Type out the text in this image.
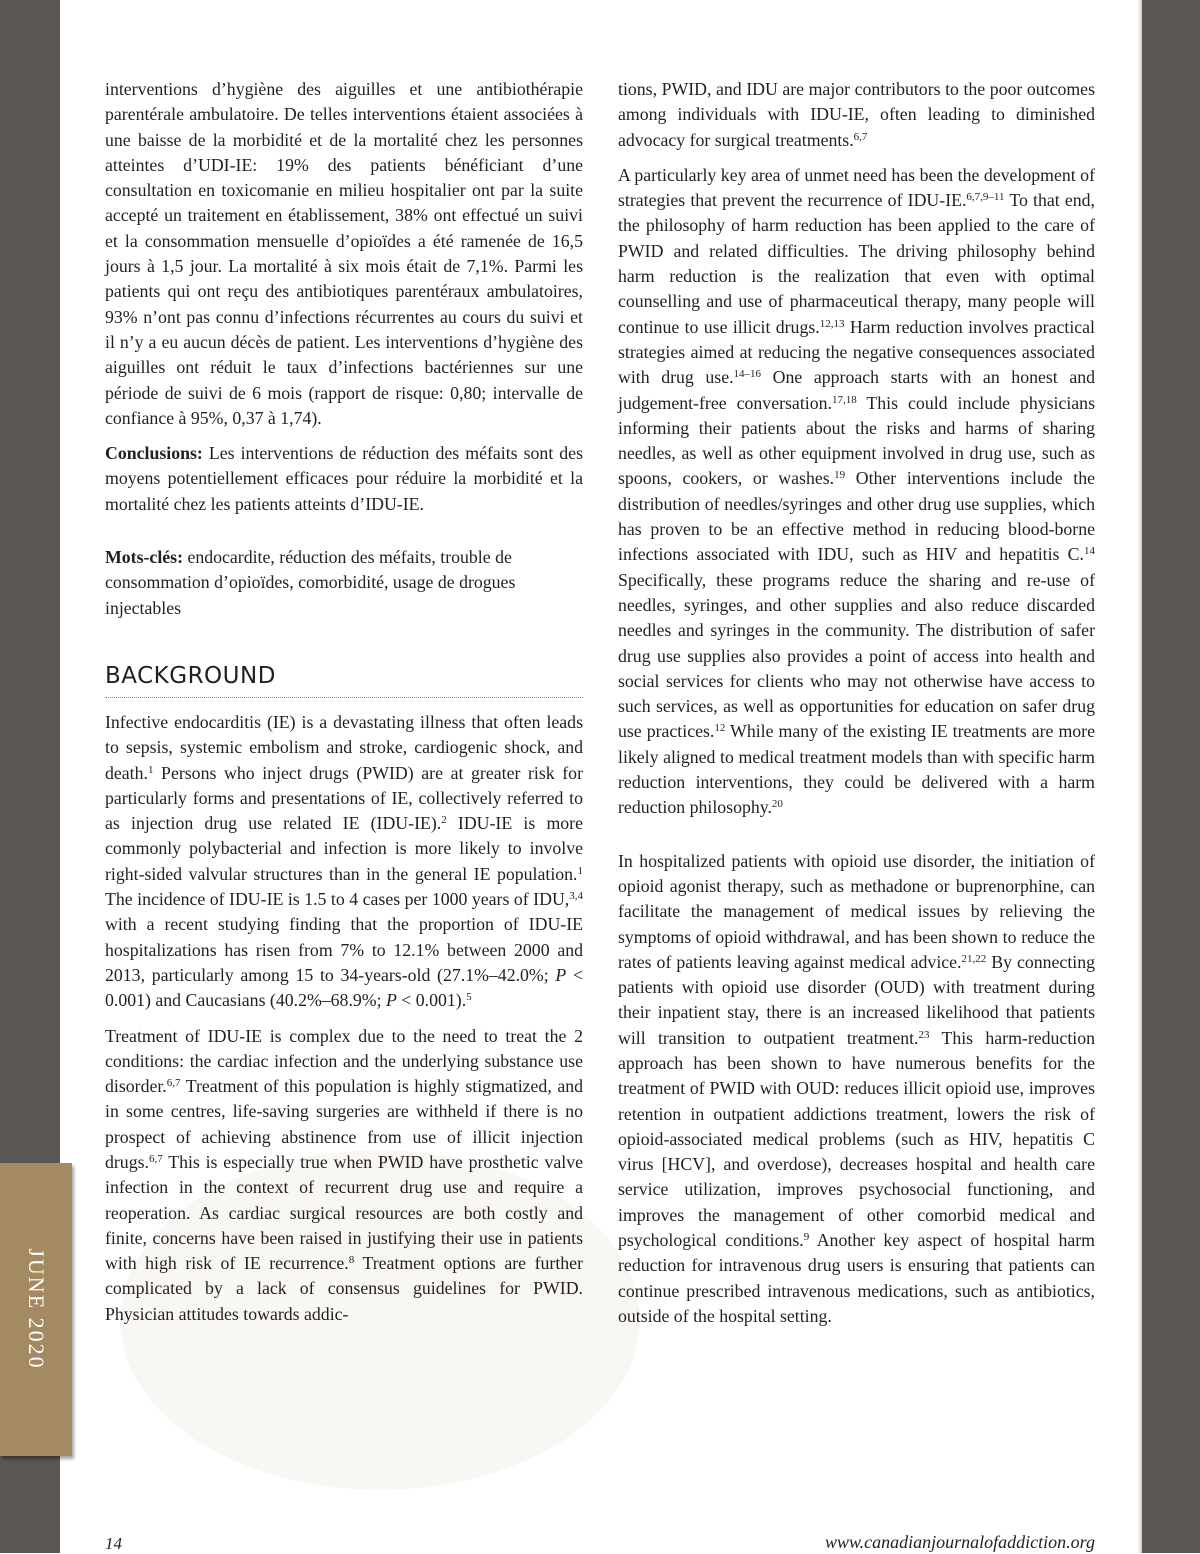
JUNE 2020

interventions d’hygiène des aiguilles et une antibiothérapie parentérale ambulatoire. De telles interventions étaient associées à une baisse de la morbidité et de la mortalité chez les personnes atteintes d’UDI-IE: 19% des patients bénéficiant d’une consultation en toxicomanie en milieu hospitalier ont par la suite accepté un traitement en établissement, 38% ont effectué un suivi et la consommation mensuelle d’opioïdes a été ramenée de 16,5 jours à 1,5 jour. La mortalité à six mois était de 7,1%. Parmi les patients qui ont reçu des antibiotiques parentéraux ambulatoires, 93% n’ont pas connu d’infections récurrentes au cours du suivi et il n’y a eu aucun décès de patient. Les interventions d’hygiène des aiguilles ont réduit le taux d’infections bactériennes sur une période de suivi de 6 mois (rapport de risque: 0,80; intervalle de confiance à 95%, 0,37 à 1,74).

Conclusions: Les interventions de réduction des méfaits sont des moyens potentiellement efficaces pour réduire la morbidité et la mortalité chez les patients atteints d’IDU-IE.

Mots-clés: endocardite, réduction des méfaits, trouble de consommation d’opioïdes, comorbidité, usage de drogues injectables

BACKGROUND

Infective endocarditis (IE) is a devastating illness that often leads to sepsis, systemic embolism and stroke, cardiogenic shock, and death.$^1$ Persons who inject drugs (PWID) are at greater risk for particularly forms and presentations of IE, collectively referred to as injection drug use related IE (IDU-IE).$^2$ IDU-IE is more commonly polybacterial and infection is more likely to involve right-sided valvular structures than in the general IE population.$^1$ The incidence of IDU-IE is 1.5 to 4 cases per 1000 years of IDU,$^{3,4}$ with a recent studying finding that the proportion of IDU-IE hospitalizations has risen from 7% to 12.1% between 2000 and 2013, particularly among 15 to 34-years-old (27.1%–42.0%; P < 0.001) and Caucasians (40.2%–68.9%; P < 0.001).$^5$

Treatment of IDU-IE is complex due to the need to treat the 2 conditions: the cardiac infection and the underlying substance use disorder.$^{6,7}$ Treatment of this population is highly stigmatized, and in some centres, life-saving surgeries are withheld if there is no prospect of achieving abstinence from use of illicit injection drugs.$^{6,7}$ This is especially true when PWID have prosthetic valve infection in the context of recurrent drug use and require a reoperation. As cardiac surgical resources are both costly and finite, concerns have been raised in justifying their use in patients with high risk of IE recurrence.$^8$ Treatment options are further complicated by a lack of consensus guidelines for PWID. Physician attitudes towards addic-

tions, PWID, and IDU are major contributors to the poor outcomes among individuals with IDU-IE, often leading to diminished advocacy for surgical treatments.$^{6,7}$

A particularly key area of unmet need has been the development of strategies that prevent the recurrence of IDU-IE.$^{6,7,9-11}$ To that end, the philosophy of harm reduction has been applied to the care of PWID and related difficulties. The driving philosophy behind harm reduction is the realization that even with optimal counselling and use of pharmaceutical therapy, many people will continue to use illicit drugs.$^{12,13}$ Harm reduction involves practical strategies aimed at reducing the negative consequences associated with drug use.$^{14-16}$ One approach starts with an honest and judgement-free conversation.$^{17,18}$ This could include physicians informing their patients about the risks and harms of sharing needles, as well as other equipment involved in drug use, such as spoons, cookers, or washes.$^{19}$ Other interventions include the distribution of needles/syringes and other drug use supplies, which has proven to be an effective method in reducing blood-borne infections associated with IDU, such as HIV and hepatitis C.$^{14}$ Specifically, these programs reduce the sharing and re-use of needles, syringes, and other supplies and also reduce discarded needles and syringes in the community. The distribution of safer drug use supplies also provides a point of access into health and social services for clients who may not otherwise have access to such services, as well as opportunities for education on safer drug use practices.$^{12}$ While many of the existing IE treatments are more likely aligned to medical treatment models than with specific harm reduction interventions, they could be delivered with a harm reduction philosophy.$^{20}$

In hospitalized patients with opioid use disorder, the initiation of opioid agonist therapy, such as methadone or buprenorphine, can facilitate the management of medical issues by relieving the symptoms of opioid withdrawal, and has been shown to reduce the rates of patients leaving against medical advice.$^{21,22}$ By connecting patients with opioid use disorder (OUD) with treatment during their inpatient stay, there is an increased likelihood that patients will transition to outpatient treatment.$^{23}$ This harm-reduction approach has been shown to have numerous benefits for the treatment of PWID with OUD: reduces illicit opioid use, improves retention in outpatient addictions treatment, lowers the risk of opioid-associated medical problems (such as HIV, hepatitis C virus [HCV], and overdose), decreases hospital and health care service utilization, improves psychosocial functioning, and improves the management of other comorbid medical and psychological conditions.$^9$ Another key aspect of hospital harm reduction for intravenous drug users is ensuring that patients can continue prescribed intravenous medications, such as antibiotics, outside of the hospital setting.

14	www.canadianjournalofaddiction.org
